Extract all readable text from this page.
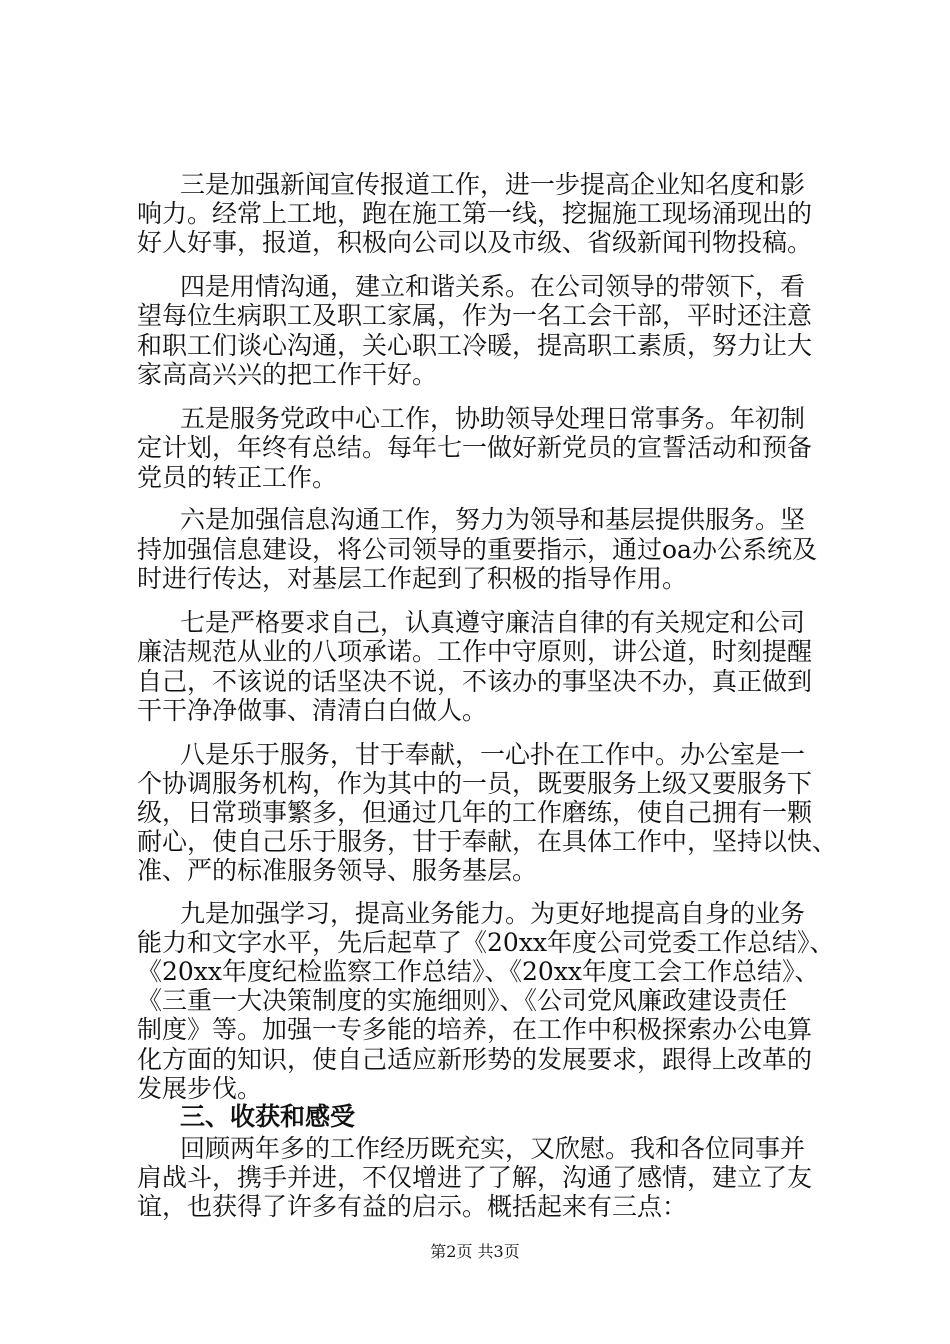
三是加强新闻宣传报道工作，进一步提高企业知名度和影
响力。经常上工地，跑在施工第一线，挖掘施工现场涌现出的
好人好事，报道，积极向公司以及市级、省级新闻刊物投稿。
四是用情沟通，建立和谐关系。在公司领导的带领下，看
望每位生病职工及职工家属，作为一名工会干部，平时还注意
和职工们谈心沟通，关心职工冷暖，提高职工素质，努力让大
家高高兴兴的把工作干好。
五是服务党政中心工作，协助领导处理日常事务。年初制
定计划，年终有总结。每年七一做好新党员的宣誓活动和预备
党员的转正工作。
六是加强信息沟通工作，努力为领导和基层提供服务。坚
持加强信息建设，将公司领导的重要指示，通过oa办公系统及
时进行传达，对基层工作起到了积极的指导作用。
七是严格要求自己，认真遵守廉洁自律的有关规定和公司
廉洁规范从业的八项承诺。工作中守原则，讲公道，时刻提醒
自己，不该说的话坚决不说，不该办的事坚决不办，真正做到
干干净净做事、清清白白做人。
八是乐于服务，甘于奉献，一心扑在工作中。办公室是一
个协调服务机构，作为其中的一员，既要服务上级又要服务下
级，日常琐事繁多，但通过几年的工作磨练，使自己拥有一颗
耐心，使自己乐于服务，甘于奉献，在具体工作中，坚持以快、
准、严的标准服务领导、服务基层。
九是加强学习，提高业务能力。为更好地提高自身的业务
能力和文字水平，先后起草了《20xx年度公司党委工作总结》、
《20xx年度纪检监察工作总结》、《20xx年度工会工作总结》、
《三重一大决策制度的实施细则》、《公司党风廉政建设责任
制度》等。加强一专多能的培养，在工作中积极探索办公电算
化方面的知识，使自己适应新形势的发展要求，跟得上改革的
发展步伐。
三、收获和感受
回顾两年多的工作经历既充实，又欣慰。我和各位同事并
肩战斗，携手并进，不仅增进了了解，沟通了感情，建立了友
谊，也获得了许多有益的启示。概括起来有三点：
第2页 共3页
